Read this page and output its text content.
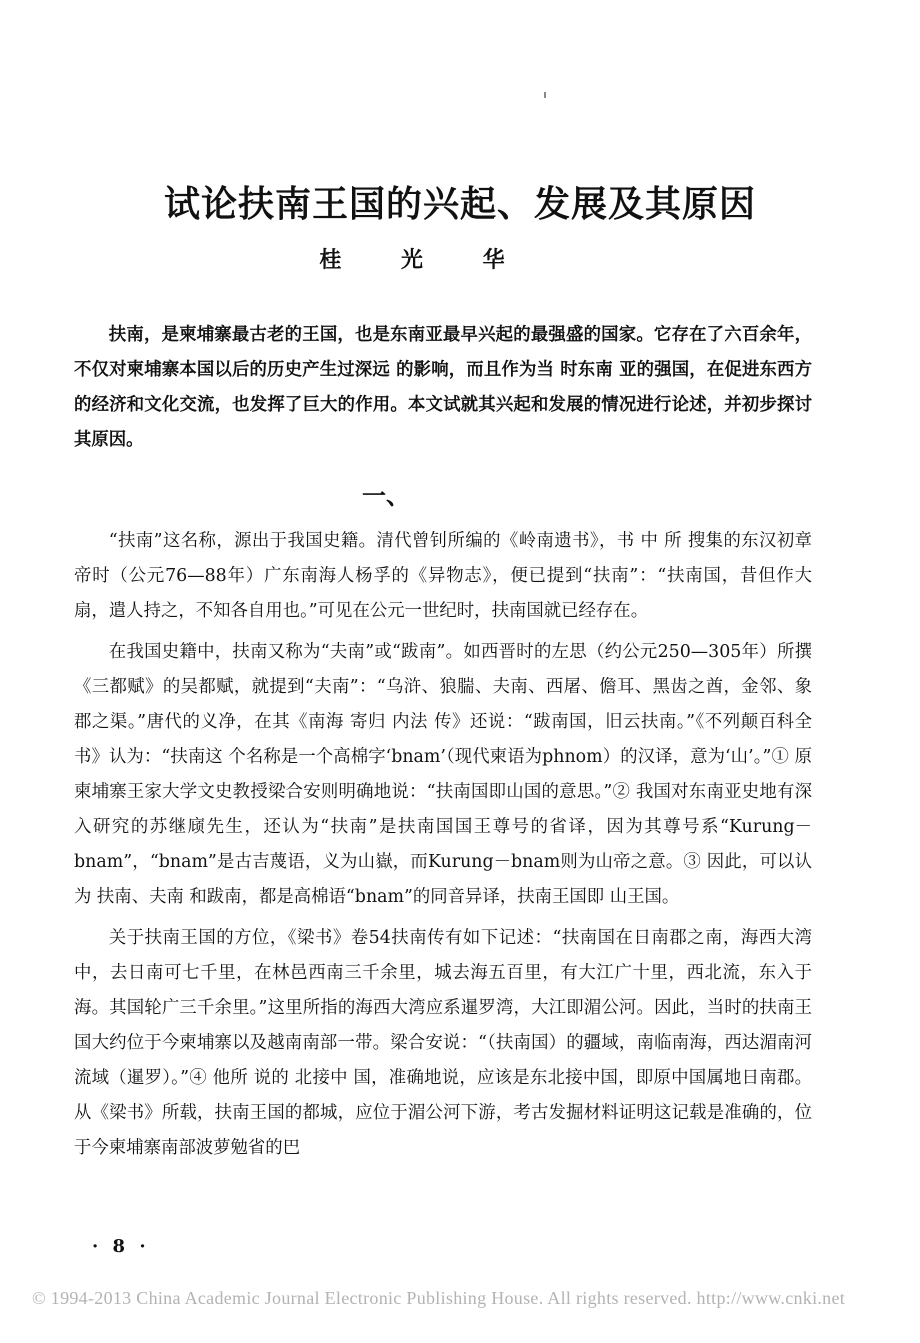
试论扶南王国的兴起、发展及其原因
桂 光 华

扶南，是柬埔寨最古老的王国，也是东南亚最早兴起的最强盛的国家。它存在了六百余年，不仅对柬埔寨本国以后的历史产生过深远 的影响，而且作为当 时东南 亚的强国，在促进东西方的经济和文化交流，也发挥了巨大的作用。本文试就其兴起和发展的情况进行论述，并初步探讨其原因。

一、

“扶南”这名称，源出于我国史籍。清代曾钊所编的《岭南遗书》，书 中 所 搜集的东汉初章帝时（公元76—88年）广东南海人杨孚的《异物志》，便已提到“扶南”：“扶南国，昔但作大扇，遣人持之，不知各自用也。”可见在公元一世纪时，扶南国就已经存在。

在我国史籍中，扶南又称为“夫南”或“跋南”。如西晋时的左思（约公元250—305年）所撰《三都赋》的吴都赋，就提到“夫南”：“乌浒、狼腨、夫南、西屠、儋耳、黑齿之酋，金邻、象郡之渠。”唐代的义净，在其《南海 寄归 内法 传》还说：“跋南国，旧云扶南。”《不列颠百科全书》认为：“扶南这 个名称是一个高棉字‘bnam’（现代柬语为phnom）的汉译，意为‘山’。”① 原柬埔寨王家大学文史教授梁合安则明确地说：“扶南国即山国的意思。”② 我国对东南亚史地有深入研究的苏继庼先生，还认为“扶南”是扶南国国王尊号的省译，因为其尊号系“Kurung－bnam”，“bnam”是古吉蔑语，义为山嶽，而Kurung－bnam则为山帝之意。③ 因此，可以认为 扶南、夫南 和跋南，都是高棉语“bnam”的同音异译，扶南王国即 山王国。

关于扶南王国的方位，《梁书》卷54扶南传有如下记述：“扶南国在日南郡之南，海西大湾中，去日南可七千里，在林邑西南三千余里，城去海五百里，有大江广十里，西北流，东入于海。其国轮广三千余里。”这里所指的海西大湾应系暹罗湾，大江即湄公河。因此，当时的扶南王国大约位于今柬埔寨以及越南南部一带。梁合安说：“（扶南国）的疆域，南临南海，西达湄南河流域（暹罗）。”④ 他所 说的 北接中 国，准确地说，应该是东北接中国，即原中国属地日南郡。从《梁书》所载，扶南王国的都城，应位于湄公河下游，考古发掘材料证明这记载是准确的，位于今柬埔寨南部波萝勉省的巴

· 8 ·
© 1994-2013 China Academic Journal Electronic Publishing House. All rights reserved. http://www.cnki.net
